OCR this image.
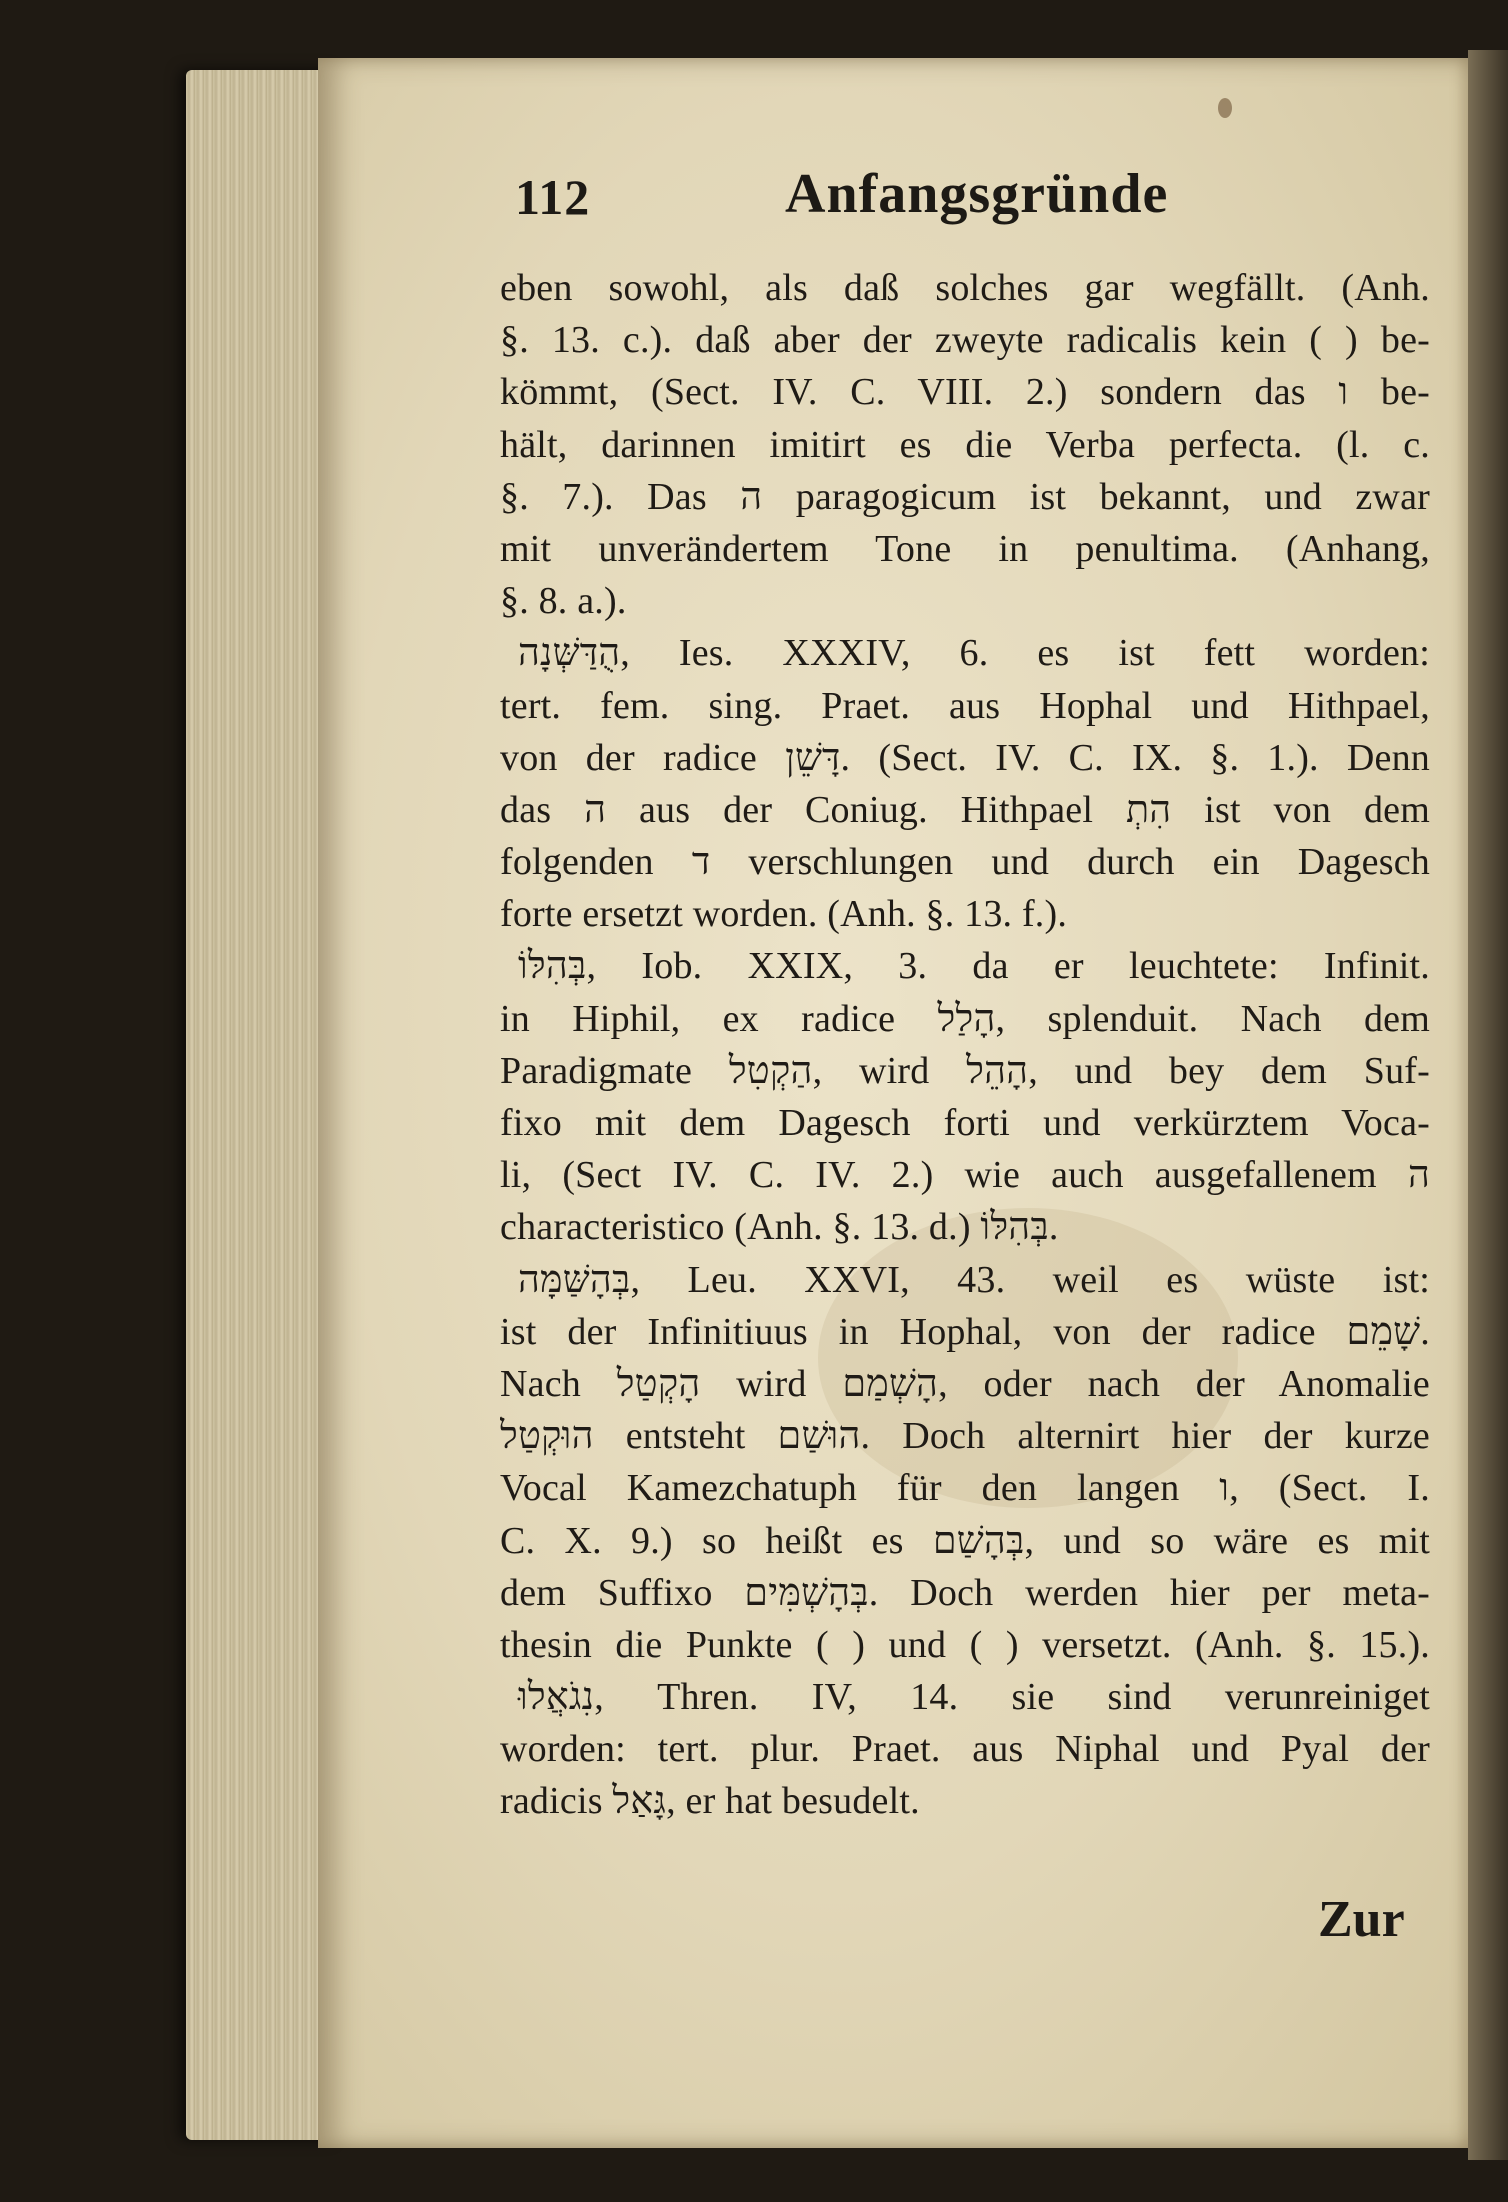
112	Anfangsgründe
eben sowohl, als daß solches gar wegfällt. (Anh.
§. 13. c.). daß aber der zweyte radicalis kein ( ) be-
kömmt, (Sect. IV. C. VIII. 2.) sondern das ו be-
hält, darinnen imitirt es die Verba perfecta. (l. c.
§. 7.). Das ה paragogicum ist bekannt, und zwar
mit unverändertem Tone in penultima. (Anhang,
§. 8. a.).
הֻדַּשְּׁנָה, Ies. XXXIV, 6. es ist fett worden:
tert. fem. sing. Praet. aus Hophal und Hithpael,
von der radice דָּשֵׁן. (Sect. IV. C. IX. §. 1.). Denn
das ה aus der Coniug. Hithpael הִתְ ist von dem
folgenden ד verschlungen und durch ein Dagesch
forte ersetzt worden. (Anh. §. 13. f.).
בְּהִלּוֹ, Iob. XXIX, 3. da er leuchtete: Infinit.
in Hiphil, ex radice הָלַל, splenduit. Nach dem
Paradigmate הַקְטִל, wird הָהֵל, und bey dem Suf-
fixo mit dem Dagesch forti und verkürztem Voca-
li, (Sect IV. C. IV. 2.) wie auch ausgefallenem ה
characteristico (Anh. §. 13. d.) בְּהִלּוֹ.
בְּהָשַּׁמָּה, Leu. XXVI, 43. weil es wüste ist:
ist der Infinitiuus in Hophal, von der radice שָׁמֵם.
Nach הָקְטַל wird הָשְׁמַם, oder nach der Anomalie
הוּקְטַל entsteht הוּשַׁם. Doch alternirt hier der kurze
Vocal Kamezchatuph für den langen ו, (Sect. I.
C. X. 9.) so heißt es בְּהָשַׁם, und so wäre es mit
dem Suffixo בְּהָשְׁמִּים. Doch werden hier per meta-
thesin die Punkte ( ) und ( ) versetzt. (Anh. §. 15.).
נִגֹאֲלוּ, Thren. IV, 14. sie sind verunreiniget
worden: tert. plur. Praet. aus Niphal und Pyal der
radicis גָּאַל, er hat besudelt.
Zur
